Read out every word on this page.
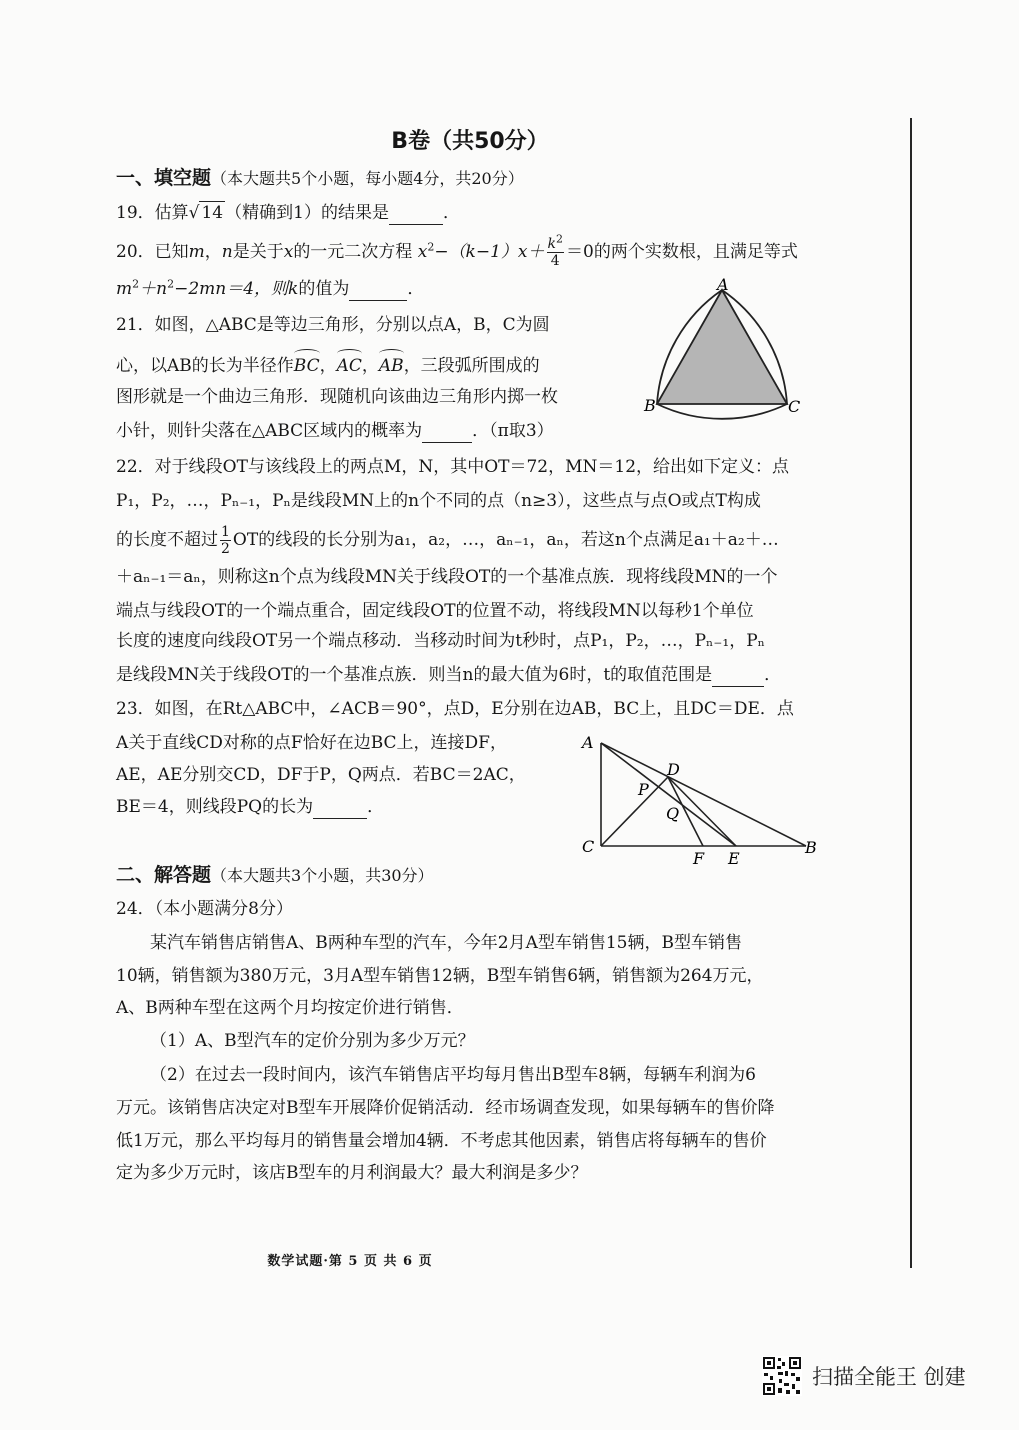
B卷（共50分）
一、填空题（本大题共5个小题，每小题4分，共20分）
19．估算√ 14 （精确到1）的结果是	．
20．已知m，n是关于x的一元二次方程 $x^2-(k-1)x+ \frac{k^2}{4} =0$的两个实数根，且满足等式
$m^2+n^2-2mn=4$，则k的值为	．
21．如图，△ABC是等边三角形，分别以点A，B，C为圆
心，以AB的长为半径作BC，AC，AB，三段弧所围成的
图形就是一个曲边三角形．现随机向该曲边三角形内掷一枚
小针，则针尖落在△ABC区域内的概率为	．（π取3）
A
B	C
22．对于线段OT与该线段上的两点M，N，其中OT＝72，MN＝12，给出如下定义：点
P₁，P₂，…，Pₙ₋₁，Pₙ是线段MN上的n个不同的点（n≥3），这些点与点O或点T构成
的长度不超过 $\frac{1}{2}$ OT的线段的长分别为a₁，a₂，…，aₙ₋₁，aₙ，若这n个点满足a₁＋a₂＋…
＋aₙ₋₁＝aₙ，则称这n个点为线段MN关于线段OT的一个基准点族．现将线段MN的一个
端点与线段OT的一个端点重合，固定线段OT的位置不动，将线段MN以每秒1个单位
长度的速度向线段OT另一个端点移动．当移动时间为t秒时，点P₁，P₂，…，Pₙ₋₁，Pₙ
是线段MN关于线段OT的一个基准点族．则当n的最大值为6时，t的取值范围是	．
23．如图，在Rt△ABC中，∠ACB＝90°，点D，E分别在边AB，BC上，且DC＝DE．点
A关于直线CD对称的点F恰好在边BC上，连接DF，
AE，AE分别交CD，DF于P，Q两点．若BC＝2AC，
BE＝4，则线段PQ的长为	．
A
C	B
D
P
Q
F E
二、解答题（本大题共3个小题，共30分）
24．（本小题满分8分）
某汽车销售店销售A、B两种车型的汽车，今年2月A型车销售15辆，B型车销售
10辆，销售额为380万元，3月A型车销售12辆，B型车销售6辆，销售额为264万元，
A、B两种车型在这两个月均按定价进行销售．
（1）A、B型汽车的定价分别为多少万元？
（2）在过去一段时间内，该汽车销售店平均每月售出B型车8辆，每辆车利润为6
万元。该销售店决定对B型车开展降价促销活动．经市场调查发现，如果每辆车的售价降
低1万元，那么平均每月的销售量会增加4辆．不考虑其他因素，销售店将每辆车的售价
定为多少万元时，该店B型车的月利润最大？最大利润是多少？
数学试题·第 5 页 共 6 页
扫描全能王 创建
